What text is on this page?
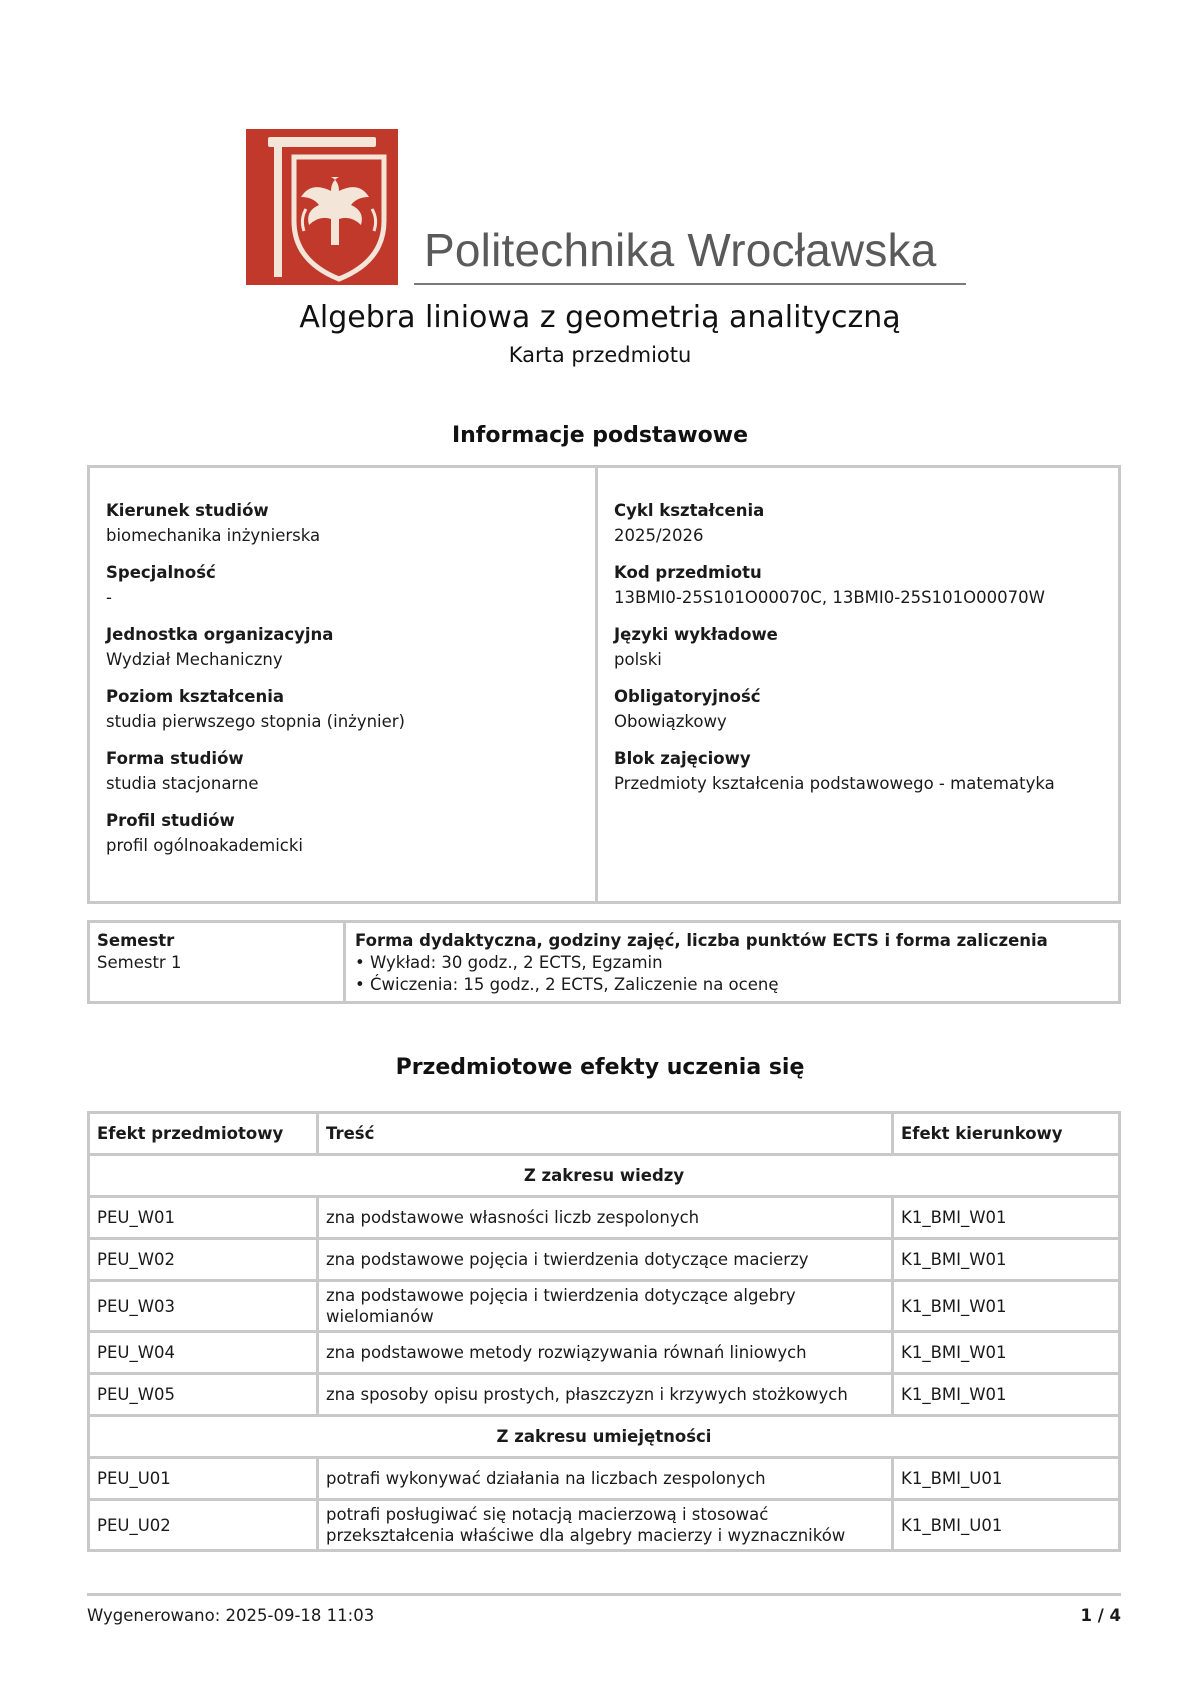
Politechnika Wrocławska
Algebra liniowa z geometrią analityczną
Karta przedmiotu
Informacje podstawowe
Kierunek studiów
biomechanika inżynierska
Specjalność
-
Jednostka organizacyjna
Wydział Mechaniczny
Poziom kształcenia
studia pierwszego stopnia (inżynier)
Forma studiów
studia stacjonarne
Profil studiów
profil ogólnoakademicki
Cykl kształcenia
2025/2026
Kod przedmiotu
13BMI0-25S101O00070C, 13BMI0-25S101O00070W
Języki wykładowe
polski
Obligatoryjność
Obowiązkowy
Blok zajęciowy
Przedmioty kształcenia podstawowego - matematyka
Semestr
Semestr 1
Forma dydaktyczna, godziny zajęć, liczba punktów ECTS i forma zaliczenia
• Wykład: 30 godz., 2 ECTS, Egzamin
• Ćwiczenia: 15 godz., 2 ECTS, Zaliczenie na ocenę
Przedmiotowe efekty uczenia się
Efekt przedmiotowy	Treść	Efekt kierunkowy
Z zakresu wiedzy		
PEU_W01	zna podstawowe własności liczb zespolonych	K1_BMI_W01
PEU_W02	zna podstawowe pojęcia i twierdzenia dotyczące macierzy	K1_BMI_W01
PEU_W03	zna podstawowe pojęcia i twierdzenia dotyczące algebry wielomianów	K1_BMI_W01
PEU_W04	zna podstawowe metody rozwiązywania równań liniowych	K1_BMI_W01
PEU_W05	zna sposoby opisu prostych, płaszczyzn i krzywych stożkowych	K1_BMI_W01
Z zakresu umiejętności		
PEU_U01	potrafi wykonywać działania na liczbach zespolonych	K1_BMI_U01
PEU_U02	potrafi posługiwać się notacją macierzową i stosować przekształcenia właściwe dla algebry macierzy i wyznaczników	K1_BMI_U01
Wygenerowano: 2025-09-18 11:03	1 / 4
